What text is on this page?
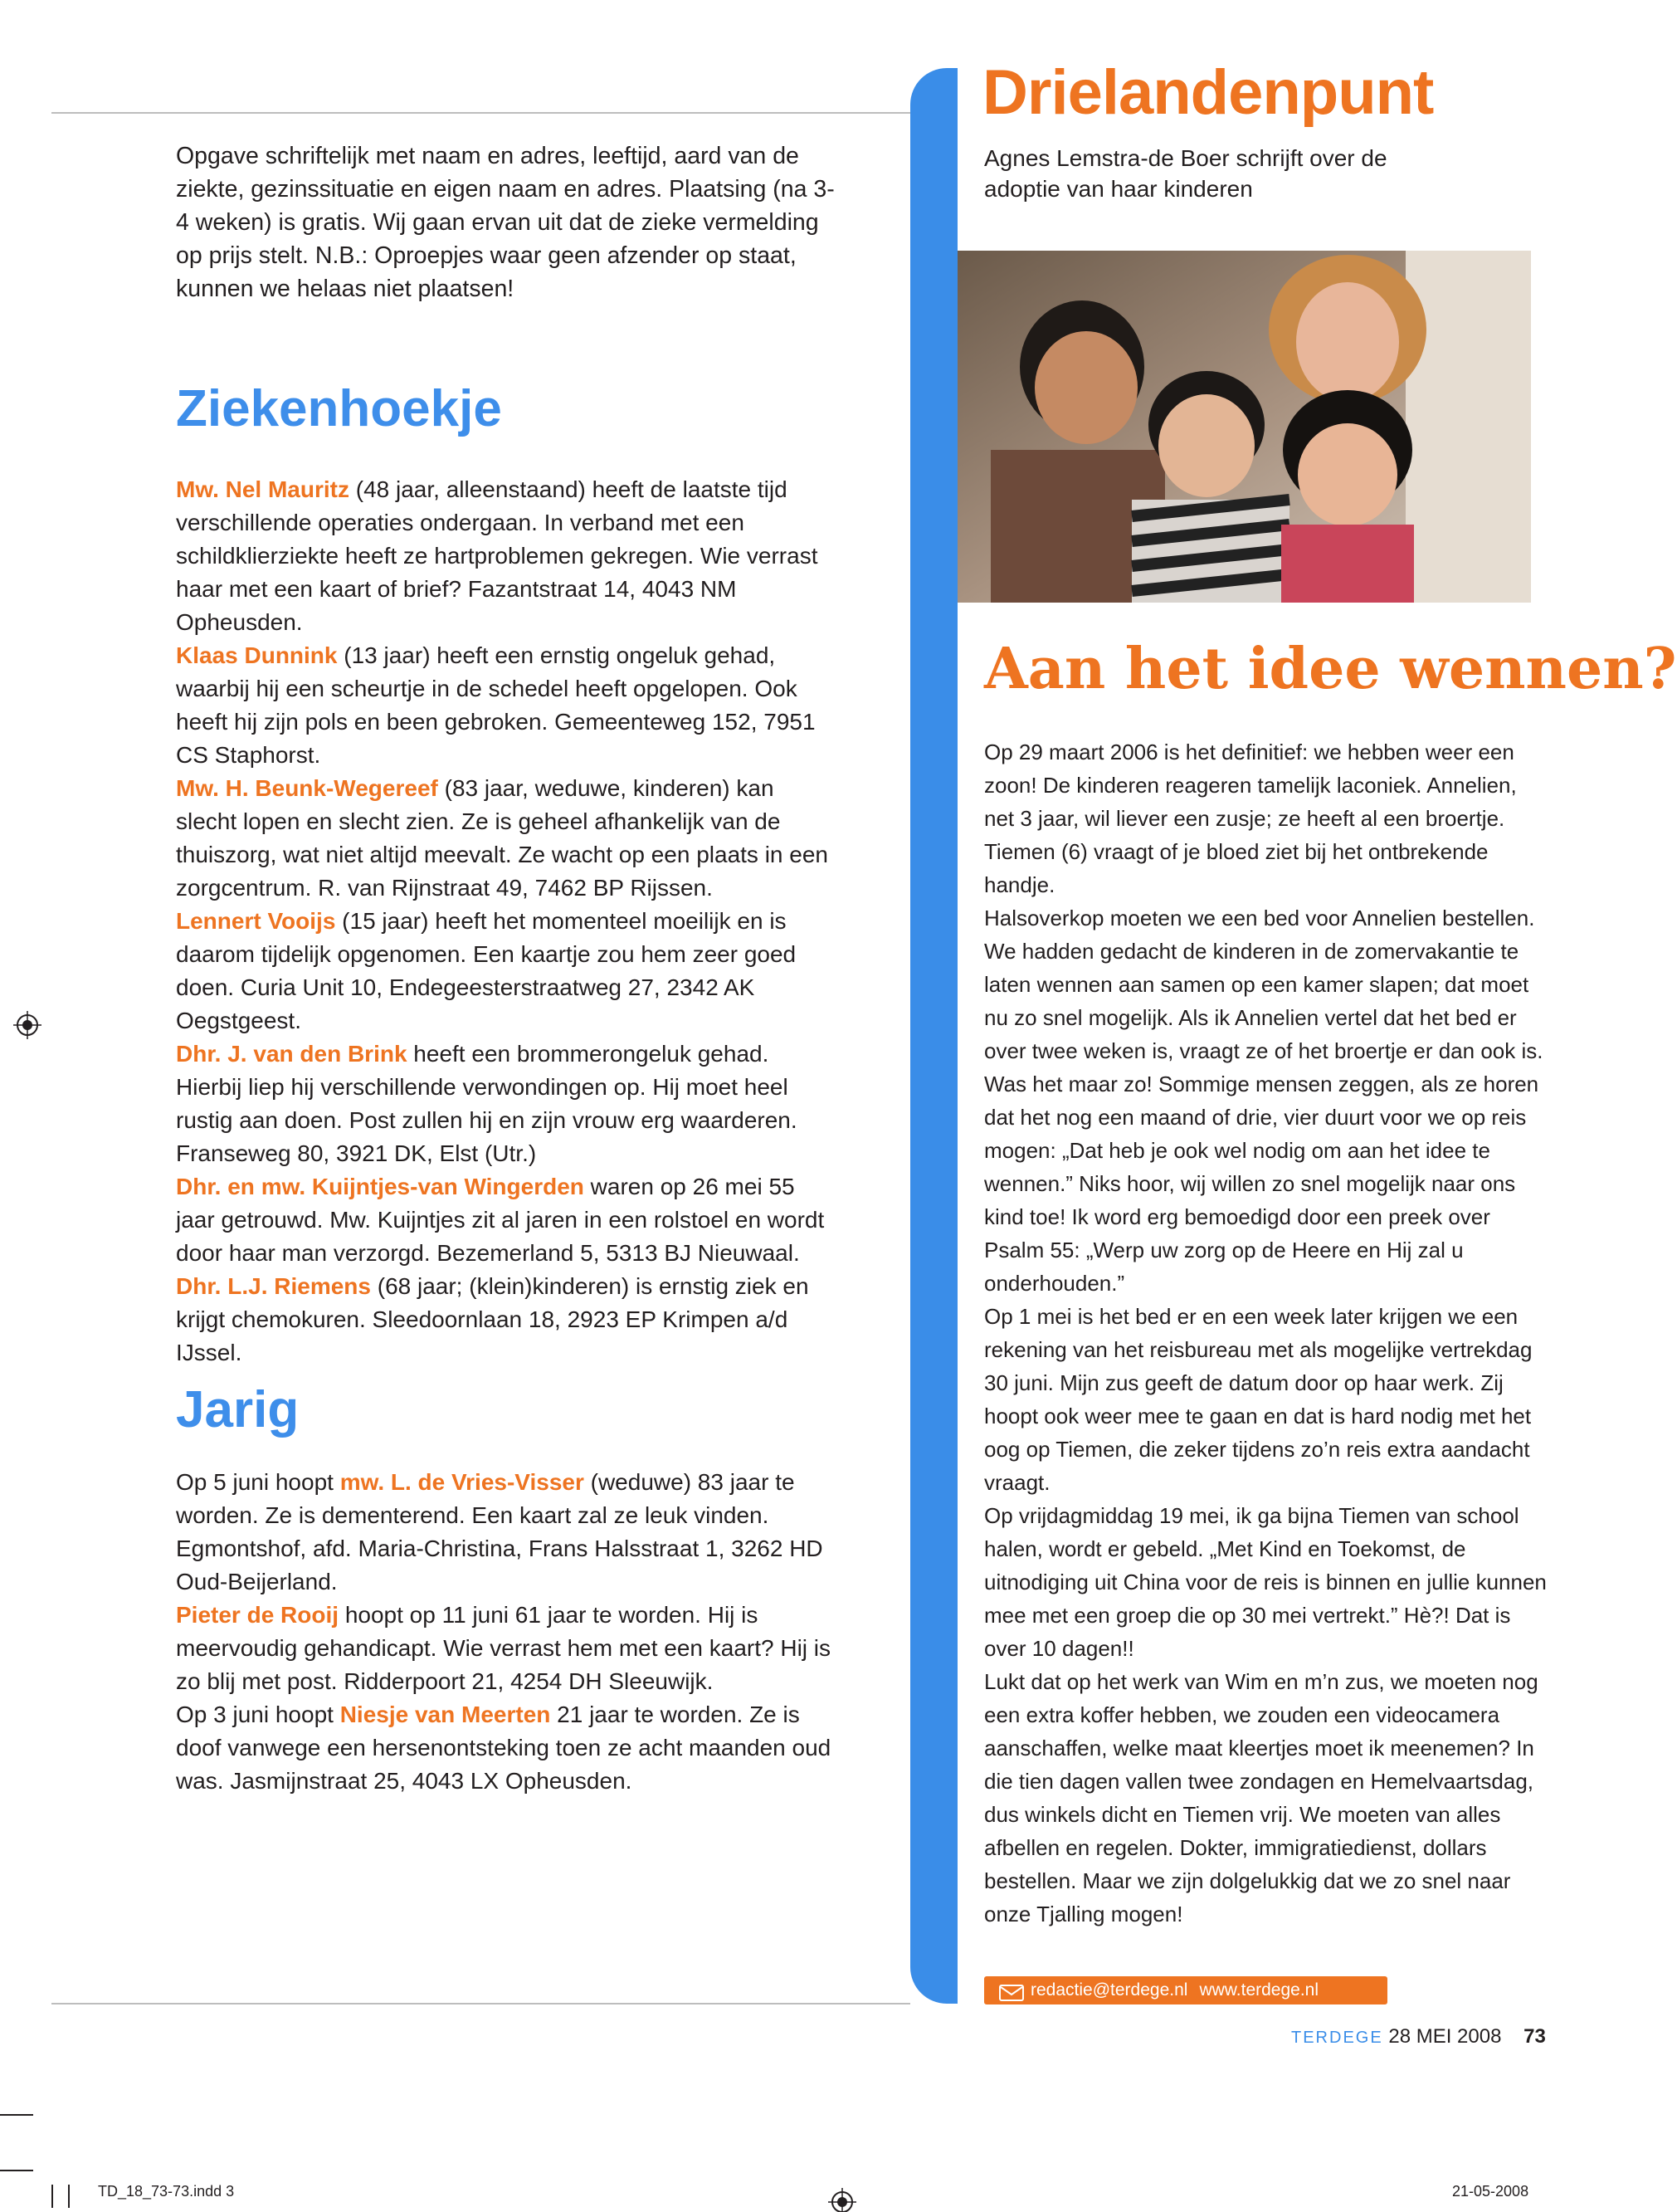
Opgave schriftelijk met naam en adres, leeftijd, aard van de ziekte, gezinssituatie en eigen naam en adres. Plaatsing (na 3-4 weken) is gratis. Wij gaan ervan uit dat de zieke vermelding op prijs stelt. N.B.: Oproepjes waar geen afzender op staat, kunnen we helaas niet plaatsen!
Ziekenhoekje

Mw. Nel Mauritz (48 jaar, alleenstaand) heeft de laatste tijd verschillende operaties ondergaan. In verband met een schildklierziekte heeft ze hartproblemen gekregen. Wie verrast haar met een kaart of brief? Fazantstraat 14, 4043 NM Opheusden.

Klaas Dunnink (13 jaar) heeft een ernstig ongeluk gehad, waarbij hij een scheurtje in de schedel heeft opgelopen. Ook heeft hij zijn pols en been gebroken. Gemeenteweg 152, 7951 CS Staphorst.

Mw. H. Beunk-Wegereef (83 jaar, weduwe, kinderen) kan slecht lopen en slecht zien. Ze is geheel afhankelijk van de thuiszorg, wat niet altijd meevalt. Ze wacht op een plaats in een zorgcentrum. R. van Rijnstraat 49, 7462 BP Rijssen.

Lennert Vooijs (15 jaar) heeft het momenteel moeilijk en is daarom tijdelijk opgenomen. Een kaartje zou hem zeer goed doen. Curia Unit 10, Endegeesterstraatweg 27, 2342 AK Oegstgeest.

Dhr. J. van den Brink heeft een brommerongeluk gehad. Hierbij liep hij verschillende verwondingen op. Hij moet heel rustig aan doen. Post zullen hij en zijn vrouw erg waarderen. Franseweg 80, 3921 DK, Elst (Utr.)

Dhr. en mw. Kuijntjes-van Wingerden waren op 26 mei 55 jaar getrouwd. Mw. Kuijntjes zit al jaren in een rolstoel en wordt door haar man verzorgd. Bezemerland 5, 5313 BJ Nieuwaal.

Dhr. L.J. Riemens (68 jaar; (klein)kinderen) is ernstig ziek en krijgt chemokuren. Sleedoornlaan 18, 2923 EP Krimpen a/d IJssel.

Jarig

Op 5 juni hoopt mw. L. de Vries-Visser (weduwe) 83 jaar te worden. Ze is dementerend. Een kaart zal ze leuk vinden. Egmontshof, afd. Maria-Christina, Frans Halsstraat 1, 3262 HD Oud-Beijerland.

Pieter de Rooij hoopt op 11 juni 61 jaar te worden. Hij is meervoudig gehandicapt. Wie verrast hem met een kaart? Hij is zo blij met post. Ridderpoort 21, 4254 DH Sleeuwijk.

Op 3 juni hoopt Niesje van Meerten 21 jaar te worden. Ze is doof vanwege een hersenontsteking toen ze acht maanden oud was. Jasmijnstraat 25, 4043 LX Opheusden.

Drielandenpunt
Agnes Lemstra-de Boer schrijft over de adoptie van haar kinderen
Aan het idee wennen?

Op 29 maart 2006 is het definitief: we hebben weer een zoon! De kinderen reageren tamelijk laconiek. Annelien, net 3 jaar, wil liever een zusje; ze heeft al een broertje. Tiemen (6) vraagt of je bloed ziet bij het ontbrekende handje.

Halsoverkop moeten we een bed voor Annelien bestellen. We hadden gedacht de kinderen in de zomervakantie te laten wennen aan samen op een kamer slapen; dat moet nu zo snel mogelijk. Als ik Annelien vertel dat het bed er over twee weken is, vraagt ze of het broertje er dan ook is. Was het maar zo! Sommige mensen zeggen, als ze horen dat het nog een maand of drie, vier duurt voor we op reis mogen: „Dat heb je ook wel nodig om aan het idee te wennen.” Niks hoor, wij willen zo snel mogelijk naar ons kind toe! Ik word erg bemoedigd door een preek over Psalm 55: „Werp uw zorg op de Heere en Hij zal u onderhouden.”

Op 1 mei is het bed er en een week later krijgen we een rekening van het reisbureau met als mogelijke vertrekdag 30 juni. Mijn zus geeft de datum door op haar werk. Zij hoopt ook weer mee te gaan en dat is hard nodig met het oog op Tiemen, die zeker tijdens zo’n reis extra aandacht vraagt.

Op vrijdagmiddag 19 mei, ik ga bijna Tiemen van school halen, wordt er gebeld. „Met Kind en Toekomst, de uitnodiging uit China voor de reis is binnen en jullie kunnen mee met een groep die op 30 mei vertrekt.” Hè?! Dat is over 10 dagen!!

Lukt dat op het werk van Wim en m’n zus, we moeten nog een extra koffer hebben, we zouden een videocamera aanschaffen, welke maat kleertjes moet ik meenemen? In die tien dagen vallen twee zondagen en Hemelvaartsdag, dus winkels dicht en Tiemen vrij. We moeten van alles afbellen en regelen. Dokter, immigratiedienst, dollars bestellen. Maar we zijn dolgelukkig dat we zo snel naar onze Tjalling mogen!

redactie@terdege.nl www.terdege.nl
TERDEGE 28 MEI 2008 73
TD_18_73-73.indd 3	21-05-2008
